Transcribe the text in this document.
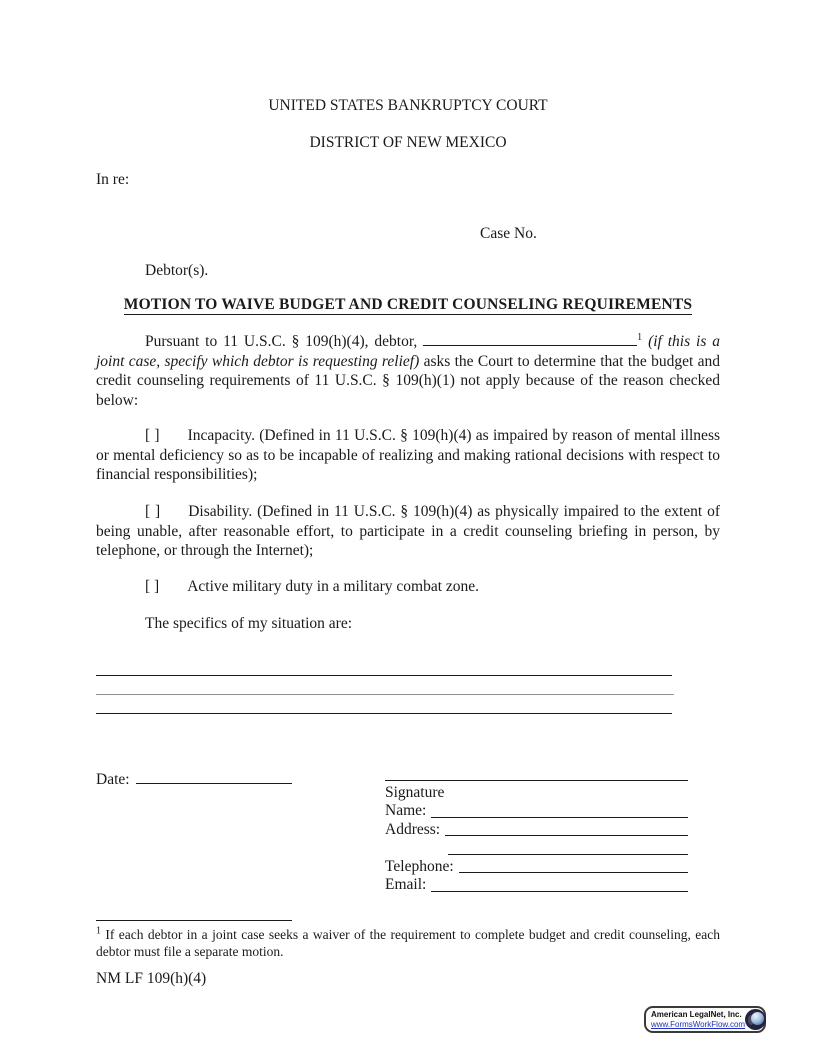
UNITED STATES BANKRUPTCY COURT
DISTRICT OF NEW MEXICO
In re:
Case No.
Debtor(s).
MOTION TO WAIVE BUDGET AND CREDIT COUNSELING REQUIREMENTS

Pursuant to 11 U.S.C. § 109(h)(4), debtor,	$^1$ (if this is a joint case, specify which debtor is requesting relief) asks the Court to determine that the budget and credit counseling requirements of 11 U.S.C. § 109(h)(1) not apply because of the reason checked below:

[ ] Incapacity. (Defined in 11 U.S.C. § 109(h)(4) as impaired by reason of mental illness or mental deficiency so as to be incapable of realizing and making rational decisions with respect to financial responsibilities);

[ ] Disability. (Defined in 11 U.S.C. § 109(h)(4) as physically impaired to the extent of being unable, after reasonable effort, to participate in a credit counseling briefing in person, by telephone, or through the Internet);

[ ] Active military duty in a military combat zone.

The specifics of my situation are:

Date:
Signature
Name:
Address:
Telephone:
Email:

$^1$ If each debtor in a joint case seeks a waiver of the requirement to complete budget and credit counseling, each debtor must file a separate motion.

NM LF 109(h)(4)
American LegalNet, Inc.
www.FormsWorkFlow.com
